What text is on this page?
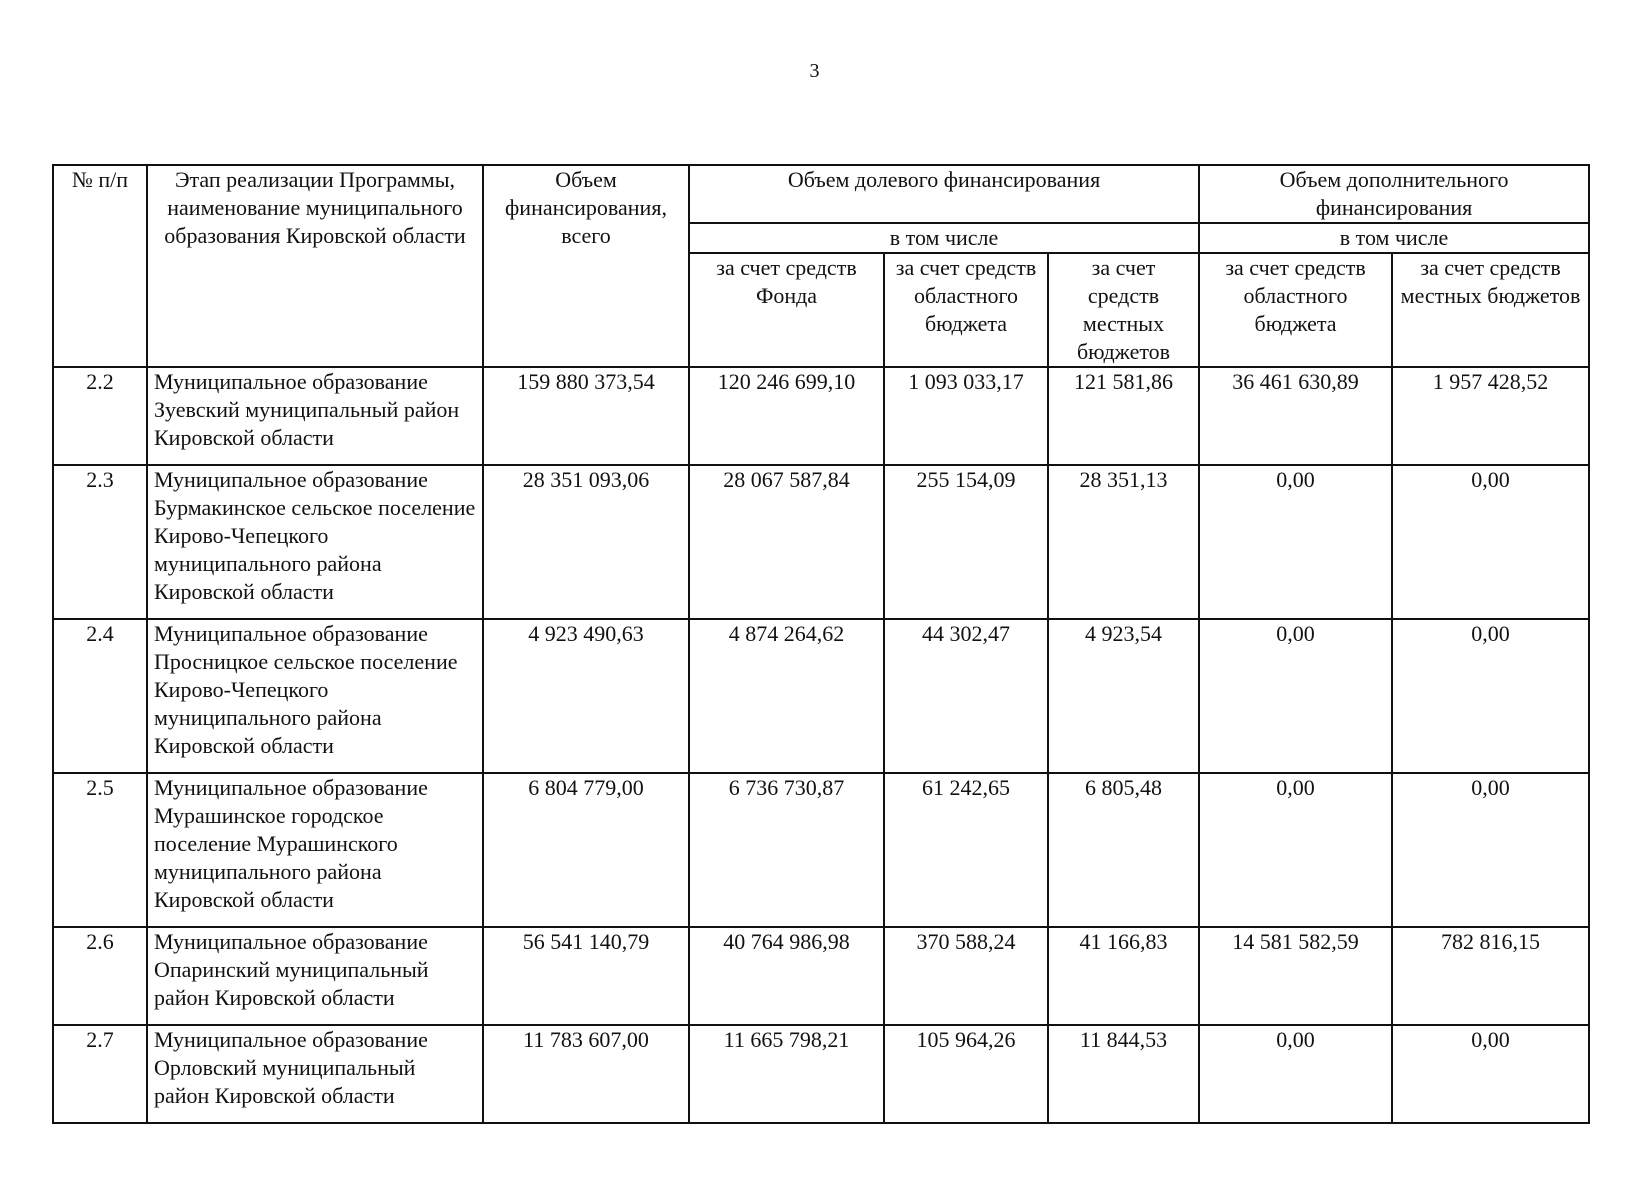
3
№ п/п	Этап реализации Программы, наименование муниципального образования Кировской области	Объем финансирования, всего	Объем долевого финансирования			Объем дополнительного финансирования	
			в том числе			в том числе	
			за счет средств Фонда	за счет средств областного бюджета	за счет средств местных бюджетов	за счет средств областного бюджета	за счет средств местных бюджетов
2.2	Муниципальное образование Зуевский муниципальный район Кировской области	159 880 373,54	120 246 699,10	1 093 033,17	121 581,86	36 461 630,89	1 957 428,52
2.3	Муниципальное образование Бурмакинское сельское поселение Кирово-Чепецкого муниципального района Кировской области	28 351 093,06	28 067 587,84	255 154,09	28 351,13	0,00	0,00
2.4	Муниципальное образование Просницкое сельское поселение Кирово-Чепецкого муниципального района Кировской области	4 923 490,63	4 874 264,62	44 302,47	4 923,54	0,00	0,00
2.5	Муниципальное образование Мурашинское городское поселение Мурашинского муниципального района Кировской области	6 804 779,00	6 736 730,87	61 242,65	6 805,48	0,00	0,00
2.6	Муниципальное образование Опаринский муниципальный район Кировской области	56 541 140,79	40 764 986,98	370 588,24	41 166,83	14 581 582,59	782 816,15
2.7	Муниципальное образование Орловский муниципальный район Кировской области	11 783 607,00	11 665 798,21	105 964,26	11 844,53	0,00	0,00
